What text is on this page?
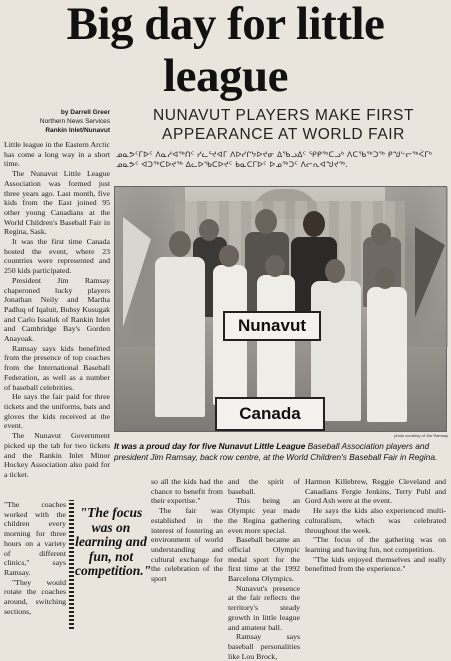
Big day for little
league
by Darrell Greer
Northern News Services
Rankin Inlet/Nunavut
NUNAVUT PLAYERS MAKE FIRST
APPEARANCE AT WORLD FAIR
ᓄᓇᕗᑦᒥᐅᑦ ᐱᓇᓱᐊᖅᑎᑦ ᓯᓚᕐᔪᐊᒥ ᐱᐅᓯᒋᔭᐅᔪᓂ ᐃᖃᓗᐃᑦ ᕿᑭᖅᑕᓗᒃ ᐱᑕᖃᖅᑐᖅ ᑭᖑᓪᓕᖅᐹᒥᒃ ᓄᓇᕗᑦ ᐊᑐᖅᑕᐅᔪᖅ ᐃᓚᐅᖃᑕᐅᔪᑦ ᑲᓇᑕᒥᐅᑦ ᐅᓄᖅᑐᑦ ᐱᓕᕆᐊᖑᔪᖅ.

Little league in the Eastern Arctic has come a long way in a short time.

The Nunavut Little League Association was formed just three years ago. Last month, five kids from the East joined 95 other young Canadians at the World Children's Baseball Fair in Regina, Sask.

It was the first time Canada hosted the event, where 23 countries were represented and 250 kids participated.

President Jim Ramsay chaperoned lucky players Jonathan Neily and Martha Padluq of Iqaluit, Bubsy Kusugak and Carlo Issaluk of Rankin Inlet and Cambridge Bay's Gorden Anayoak.

Ramsay says kids benefitted from the presence of top coaches from the International Baseball Federation, as well as a number of baseball celebrities.

He says the fair paid for three tickets and the uniforms, bats and gloves the kids received at the event.

The Nunavut Government picked up the tab for two tickets and the Rankin Inlet Minor Hockey Association also paid for a ticket.

Nunavut
Canada
photo courtesy of Jim Ramsay
It was a proud day for five Nunavut Little League Baseball Association players and president Jim Ramsay, back row centre, at the World Children's Baseball Fair in Regina.

"The coaches worked with the children every morning for three hours on a variety of different clinics," says Ramsay.

"They would rotate the coaches around, switching sections,

"The focus was on learning and fun, not competition."

so all the kids had the chance to benefit from their expertise."

The fair was established in the interest of fostering an environment of world understanding and cultural exchange for the celebration of the sport

and the spirit of baseball.

This being an Olympic year made the Regina gathering even more special.

Baseball became an official Olympic medal sport for the first time at the 1992 Barcelona Olympics.

Nunavut's presence at the fair reflects the territory's steady growth in little league and amateur ball.

Ramsay says baseball personalities like Lou Brock,

Harmon Killebrew, Reggie Cleveland and Canadians Fergie Jenkins, Terry Puhl and Gord Ash were at the event.

He says the kids also experienced multi-culturalism, which was celebrated throughout the week.

"The focus of the gathering was on learning and having fun, not competition.

"The kids enjoyed themselves and really benefitted from the experience."
